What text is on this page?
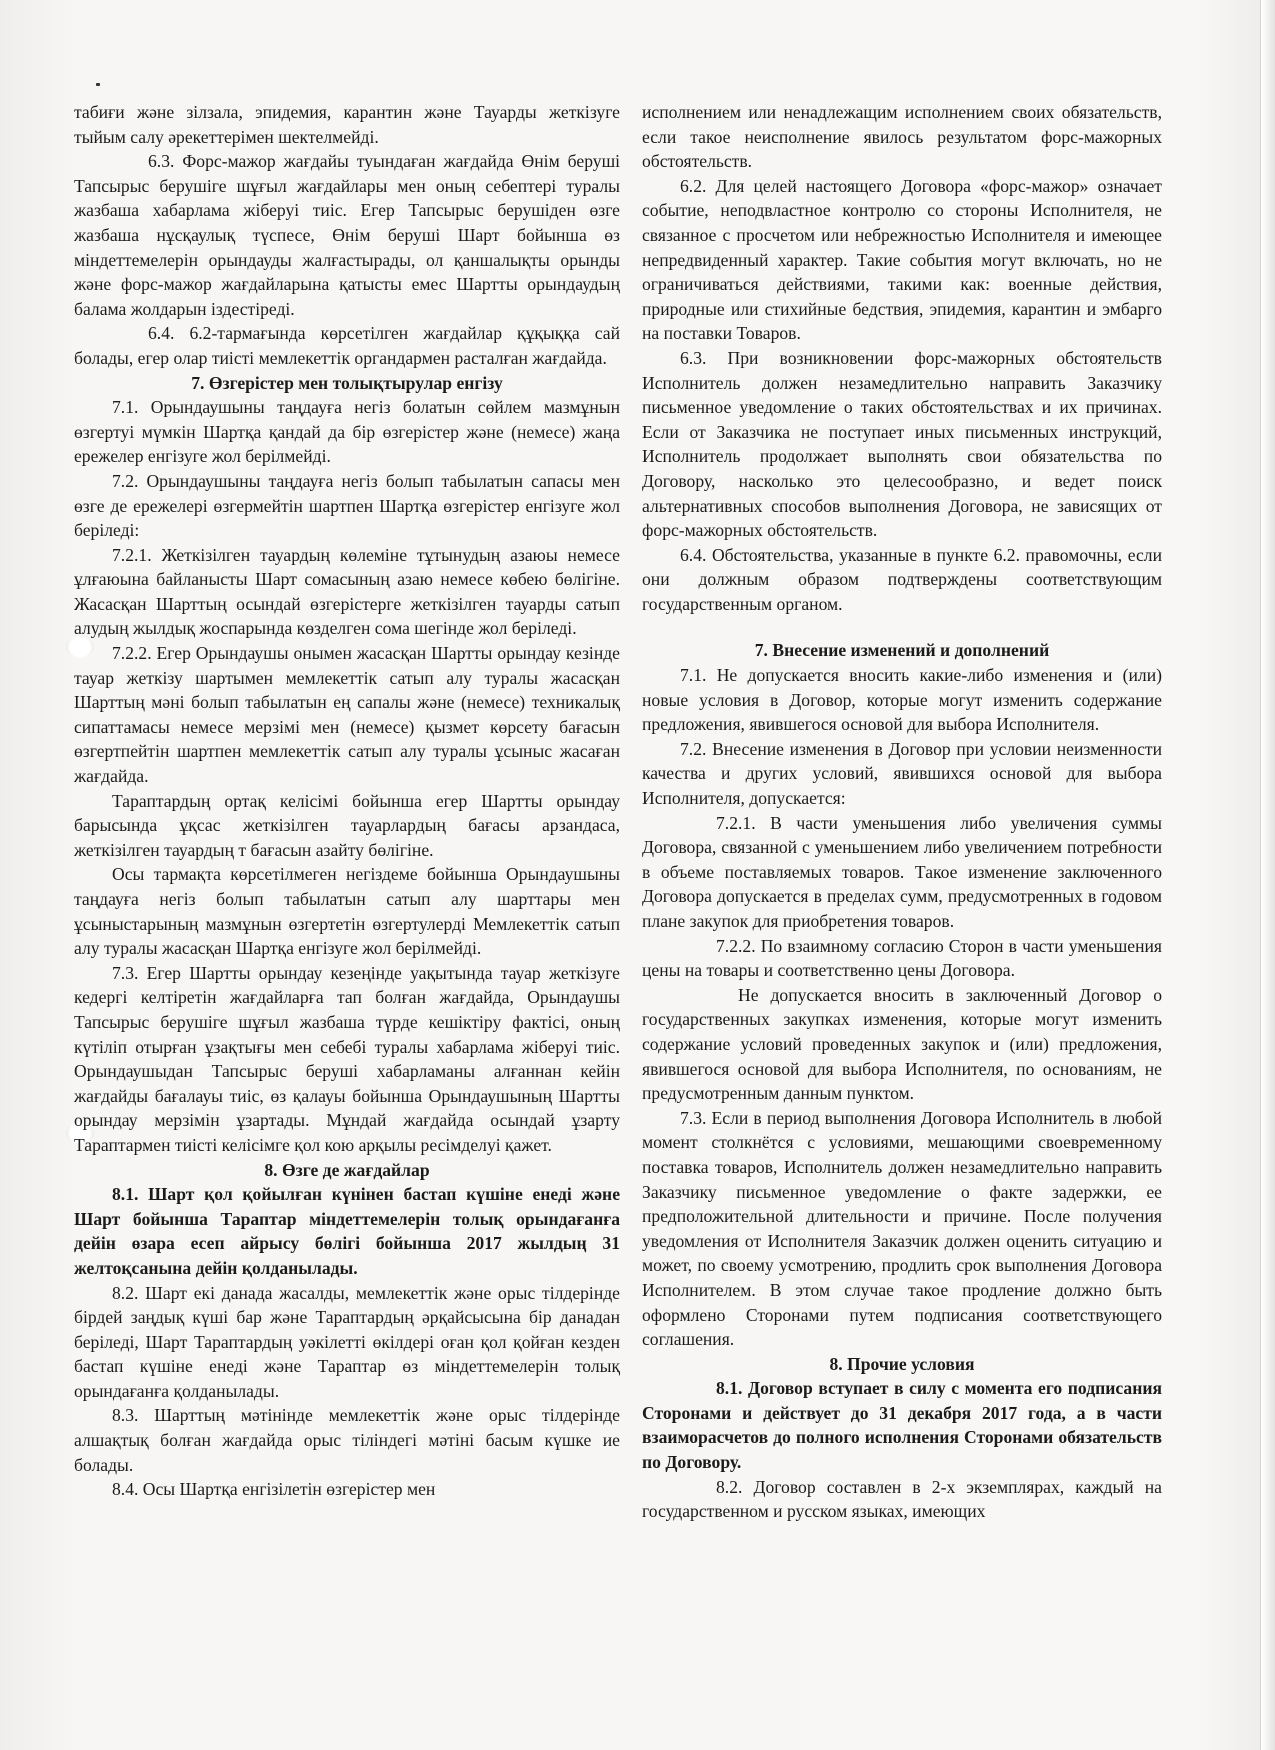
табиғи және зілзала, эпидемия, карантин және Тауарды жеткізуге тыйым салу әрекеттерімен шектелмейді.

6.3. Форс-мажор жағдайы туындаған жағдайда Өнім беруші Тапсырыс берушіге шұғыл жағдайлары мен оның себептері туралы жазбаша хабарлама жіберуі тиіс. Егер Тапсырыс берушіден өзге жазбаша нұсқаулық түспесе, Өнім беруші Шарт бойынша өз міндеттемелерін орындауды жалғастырады, ол қаншалықты орынды және форс-мажор жағдайларына қатысты емес Шартты орындаудың балама жолдарын іздестіреді.

6.4. 6.2-тармағында көрсетілген жағдайлар құқыққа сай болады, егер олар тиісті мемлекеттік органдармен расталған жағдайда.

7. Өзгерістер мен толықтырулар енгізу

7.1. Орындаушыны таңдауға негіз болатын сөйлем мазмұнын өзгертуі мүмкін Шартқа қандай да бір өзгерістер және (немесе) жаңа ережелер енгізуге жол берілмейді.

7.2. Орындаушыны таңдауға негіз болып табылатын сапасы мен өзге де ережелері өзгермейтін шартпен Шартқа өзгерістер енгізуге жол беріледі:

7.2.1. Жеткізілген тауардың көлеміне тұтынудың азаюы немесе ұлғаюына байланысты Шарт сомасының азаю немесе көбею бөлігіне. Жасасқан Шарттың осындай өзгерістерге жеткізілген тауарды сатып алудың жылдық жоспарында көзделген сома шегінде жол беріледі.

7.2.2. Егер Орындаушы онымен жасасқан Шартты орындау кезінде тауар жеткізу шартымен мемлекеттік сатып алу туралы жасасқан Шарттың мәні болып табылатын ең сапалы және (немесе) техникалық сипаттамасы немесе мерзімі мен (немесе) қызмет көрсету бағасын өзгертпейтін шартпен мемлекеттік сатып алу туралы ұсыныс жасаған жағдайда.

Тараптардың ортақ келісімі бойынша егер Шартты орындау барысында ұқсас жеткізілген тауарлардың бағасы арзандаса, жеткізілген тауардың т бағасын азайту бөлігіне.

Осы тармақта көрсетілмеген негіздеме бойынша Орындаушыны таңдауға негіз болып табылатын сатып алу шарттары мен ұсыныстарының мазмұнын өзгертетін өзгертулерді Мемлекеттік сатып алу туралы жасасқан Шартқа енгізуге жол берілмейді.

7.3. Егер Шартты орындау кезеңінде уақытында тауар жеткізуге кедергі келтіретін жағдайларға тап болған жағдайда, Орындаушы Тапсырыс берушіге шұғыл жазбаша түрде кешіктіру фактісі, оның күтіліп отырған ұзақтығы мен себебі туралы хабарлама жіберуі тиіс. Орындаушыдан Тапсырыс беруші хабарламаны алғаннан кейін жағдайды бағалауы тиіс, өз қалауы бойынша Орындаушының Шартты орындау мерзімін ұзартады. Мұндай жағдайда осындай ұзарту Тараптармен тиісті келісімге қол кою арқылы ресімделуі қажет.

8. Өзге де жағдайлар

8.1. Шарт қол қойылған күнінен бастап күшіне енеді және Шарт бойынша Тараптар міндеттемелерін толық орындағанға дейін өзара есеп айрысу бөлігі бойынша 2017 жылдың 31 желтоқсанына дейін қолданылады.

8.2. Шарт екі данада жасалды, мемлекеттік және орыс тілдерінде бірдей заңдық күші бар және Тараптардың әрқайсысына бір данадан беріледі, Шарт Тараптардың уәкілетті өкілдері оған қол қойған кезден бастап күшіне енеді және Тараптар өз міндеттемелерін толық орындағанға қолданылады.

8.3. Шарттың мәтінінде мемлекеттік және орыс тілдерінде алшақтық болған жағдайда орыс тіліндегі мәтіні басым күшке ие болады.

8.4. Осы Шартқа енгізілетін өзгерістер мен

исполнением или ненадлежащим исполнением своих обязательств, если такое неисполнение явилось результатом форс-мажорных обстоятельств.

6.2. Для целей настоящего Договора «форс-мажор» означает событие, неподвластное контролю со стороны Исполнителя, не связанное с просчетом или небрежностью Исполнителя и имеющее непредвиденный характер. Такие события могут включать, но не ограничиваться действиями, такими как: военные действия, природные или стихийные бедствия, эпидемия, карантин и эмбарго на поставки Товаров.

6.3. При возникновении форс-мажорных обстоятельств Исполнитель должен незамедлительно направить Заказчику письменное уведомление о таких обстоятельствах и их причинах. Если от Заказчика не поступает иных письменных инструкций, Исполнитель продолжает выполнять свои обязательства по Договору, насколько это целесообразно, и ведет поиск альтернативных способов выполнения Договора, не зависящих от форс-мажорных обстоятельств.

6.4. Обстоятельства, указанные в пункте 6.2. правомочны, если они должным образом подтверждены соответствующим государственным органом.

7. Внесение изменений и дополнений

7.1. Не допускается вносить какие-либо изменения и (или) новые условия в Договор, которые могут изменить содержание предложения, явившегося основой для выбора Исполнителя.

7.2. Внесение изменения в Договор при условии неизменности качества и других условий, явившихся основой для выбора Исполнителя, допускается:

7.2.1. В части уменьшения либо увеличения суммы Договора, связанной с уменьшением либо увеличением потребности в объеме поставляемых товаров. Такое изменение заключенного Договора допускается в пределах сумм, предусмотренных в годовом плане закупок для приобретения товаров.

7.2.2. По взаимному согласию Сторон в части уменьшения цены на товары и соответственно цены Договора.

Не допускается вносить в заключенный Договор о государственных закупках изменения, которые могут изменить содержание условий проведенных закупок и (или) предложения, явившегося основой для выбора Исполнителя, по основаниям, не предусмотренным данным пунктом.

7.3. Если в период выполнения Договора Исполнитель в любой момент столкнётся с условиями, мешающими своевременному поставка товаров, Исполнитель должен незамедлительно направить Заказчику письменное уведомление о факте задержки, ее предположительной длительности и причине. После получения уведомления от Исполнителя Заказчик должен оценить ситуацию и может, по своему усмотрению, продлить срок выполнения Договора Исполнителем. В этом случае такое продление должно быть оформлено Сторонами путем подписания соответствующего соглашения.

8. Прочие условия

8.1. Договор вступает в силу с момента его подписания Сторонами и действует до 31 декабря 2017 года, а в части взаиморасчетов до полного исполнения Сторонами обязательств по Договору.

8.2. Договор составлен в 2-х экземплярах, каждый на государственном и русском языках, имеющих
